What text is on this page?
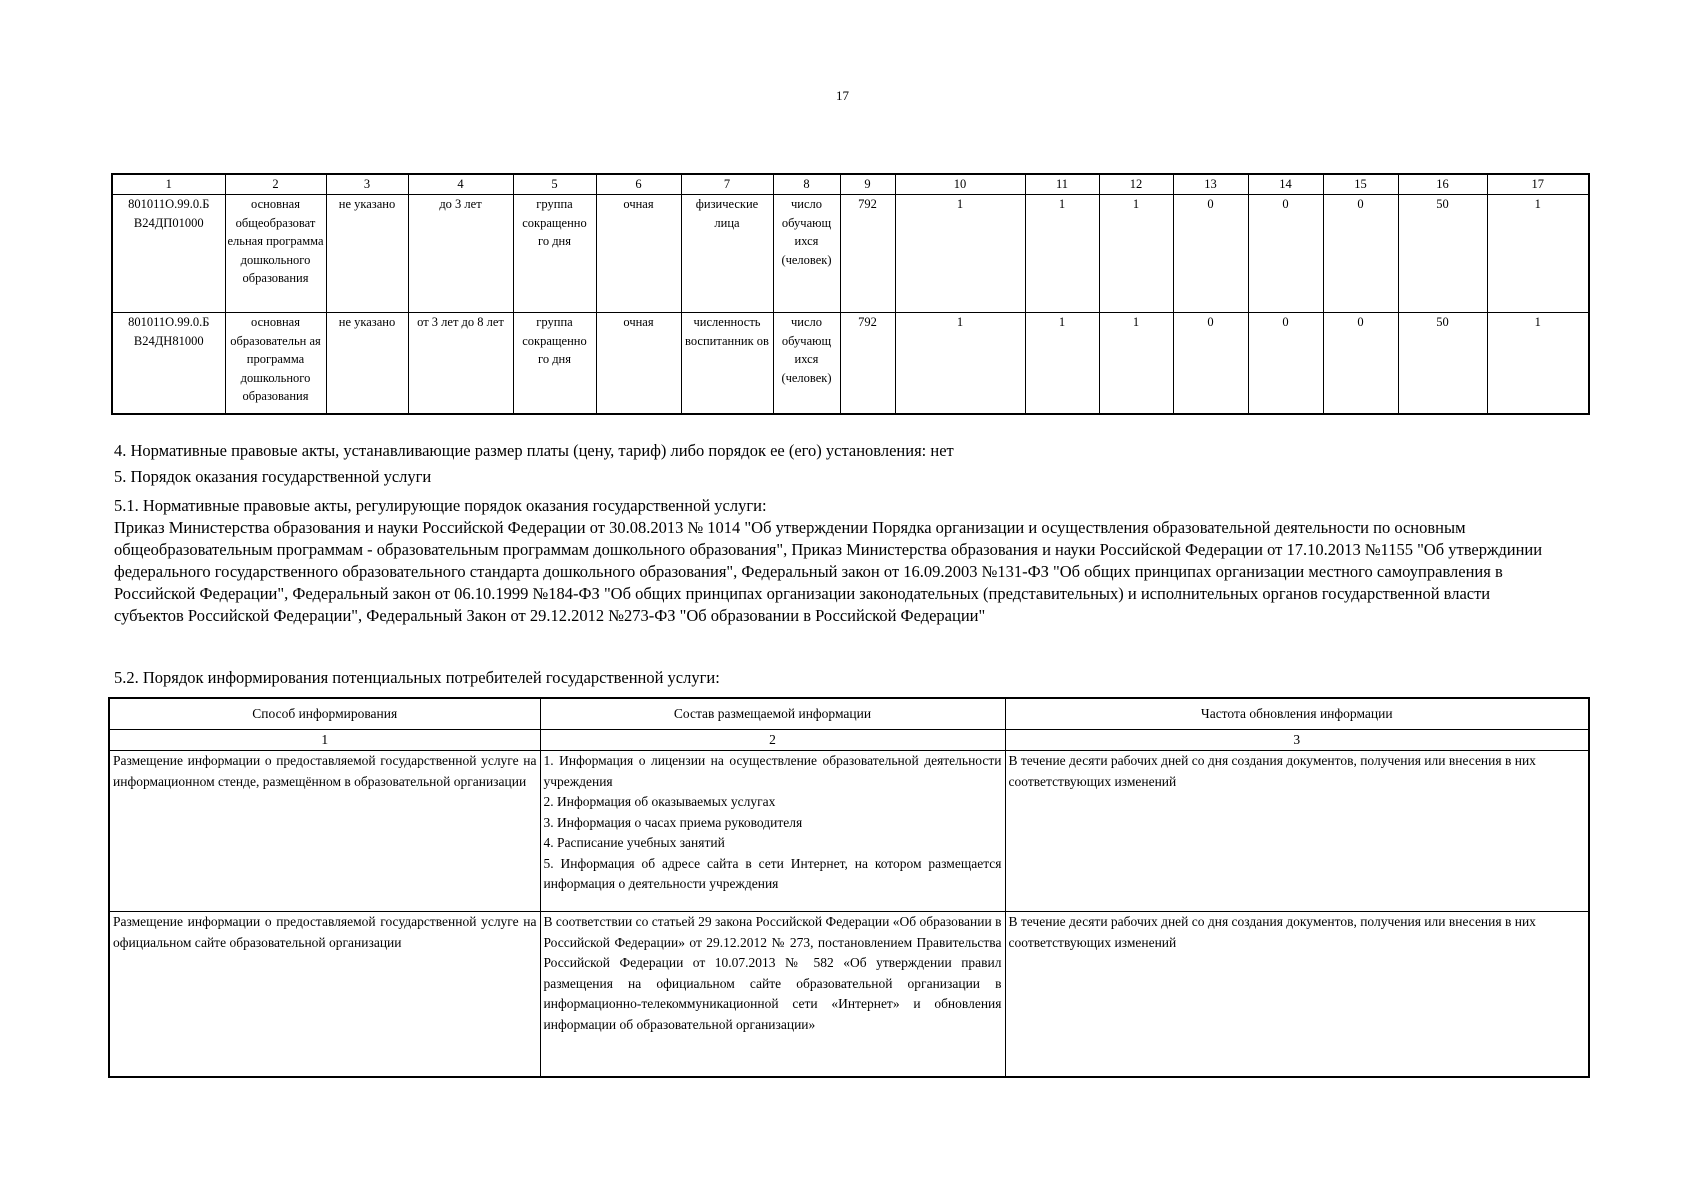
17
1	2	3	4	5	6	7	8	9	10	11	12	13	14	15	16	17
801011О.99.0.Б В24ДП01000	основная общеобразоват ельная программа дошкольного образования	не указано	до 3 лет	группа сокращенно го дня	очная	физические лица	число обучающ ихся (человек)	792	1	1	1	0	0	0	50	1
801011О.99.0.Б В24ДН81000	основная образовательн ая программа дошкольного образования	не указано	от 3 лет до 8 лет	группа сокращенно го дня	очная	численность воспитанник ов	число обучающ ихся (человек)	792	1	1	1	0	0	0	50	1
4. Нормативные правовые акты, устанавливающие размер платы (цену, тариф) либо порядок ее (его) установления: нет
5. Порядок оказания государственной услуги
5.1. Нормативные правовые акты, регулирующие порядок оказания государственной услуги:
Приказ Министерства образования и науки Российской Федерации от 30.08.2013 № 1014 "Об утверждении Порядка организации и осуществления образовательной деятельности по основным общеобразовательным программам - образовательным программам дошкольного образования", Приказ Министерства образования и науки Российской Федерации от 17.10.2013 №1155 "Об утверждинии федерального государственного образовательного стандарта дошкольного образования", Федеральный закон от 16.09.2003 №131-ФЗ "Об общих принципах организации местного самоуправления в Российской Федерации", Федеральный закон от 06.10.1999 №184-ФЗ "Об общих принципах организации законодательных (представительных) и исполнительных органов государственной власти субъектов Российской Федерации", Федеральный Закон от 29.12.2012 №273-ФЗ "Об образовании в Российской Федерации"
5.2. Порядок информирования потенциальных потребителей государственной услуги:
Способ информирования	Состав размещаемой информации	Частота обновления информации
1	2	3
Размещение информации о предоставляемой государственной услуге на информационном стенде, размещённом в образовательной организации	1. Информация о лицензии на осуществление образовательной деятельности учреждения
2. Информация об оказываемых услугах
3. Информация о часах приема руководителя
4. Расписание учебных занятий
5. Информация об адресе сайта в сети Интернет, на котором размещается информация о деятельности учреждения	В течение десяти рабочих дней со дня создания документов, получения или внесения в них соответствующих изменений
Размещение информации о предоставляемой государственной услуге на официальном сайте образовательной организации	В соответствии со статьей 29 закона Российской Федерации «Об образовании в Российской Федерации» от 29.12.2012 № 273, постановлением Правительства Российской Федерации от 10.07.2013 № 582 «Об утверждении правил размещения на официальном сайте образовательной организации в информационно-телекоммуникационной сети «Интернет» и обновления информации об образовательной организации»	В течение десяти рабочих дней со дня создания документов, получения или внесения в них соответствующих изменений
